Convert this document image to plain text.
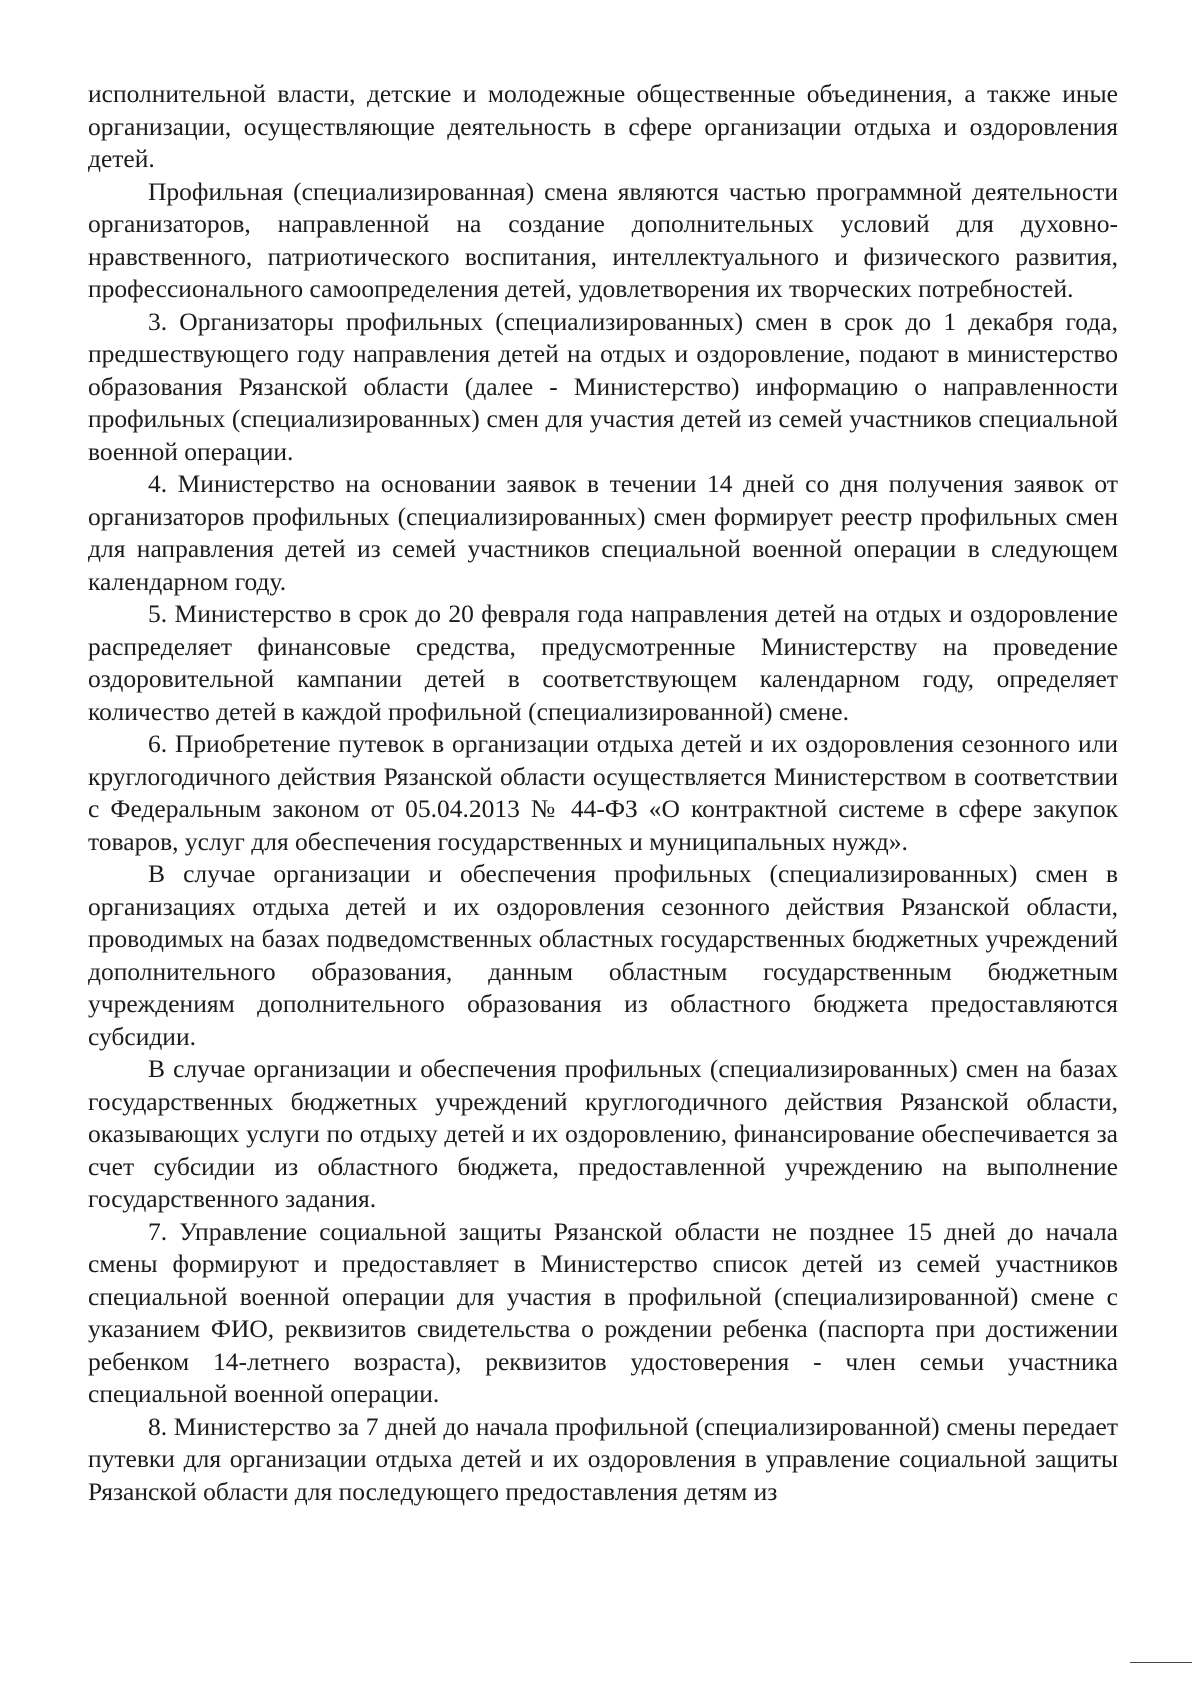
исполнительной власти, детские и молодежные общественные объединения, а также иные организации, осуществляющие деятельность в сфере организации отдыха и оздоровления детей.

Профильная (специализированная) смена являются частью программной деятельности организаторов, направленной на создание дополнительных условий для духовно-нравственного, патриотического воспитания, интеллектуального и физического развития, профессионального самоопределения детей, удовлетворения их творческих потребностей.

3. Организаторы профильных (специализированных) смен в срок до 1 декабря года, предшествующего году направления детей на отдых и оздоровление, подают в министерство образования Рязанской области (далее - Министерство) информацию о направленности профильных (специализированных) смен для участия детей из семей участников специальной военной операции.

4. Министерство на основании заявок в течении 14 дней со дня получения заявок от организаторов профильных (специализированных) смен формирует реестр профильных смен для направления детей из семей участников специальной военной операции в следующем календарном году.

5. Министерство в срок до 20 февраля года направления детей на отдых и оздоровление распределяет финансовые средства, предусмотренные Министерству на проведение оздоровительной кампании детей в соответствующем календарном году, определяет количество детей в каждой профильной (специализированной) смене.

6. Приобретение путевок в организации отдыха детей и их оздоровления сезонного или круглогодичного действия Рязанской области осуществляется Министерством в соответствии с Федеральным законом от 05.04.2013 № 44-ФЗ «О контрактной системе в сфере закупок товаров, услуг для обеспечения государственных и муниципальных нужд».

В случае организации и обеспечения профильных (специализированных) смен в организациях отдыха детей и их оздоровления сезонного действия Рязанской области, проводимых на базах подведомственных областных государственных бюджетных учреждений дополнительного образования, данным областным государственным бюджетным учреждениям дополнительного образования из областного бюджета предоставляются субсидии.

В случае организации и обеспечения профильных (специализированных) смен на базах государственных бюджетных учреждений круглогодичного действия Рязанской области, оказывающих услуги по отдыху детей и их оздоровлению, финансирование обеспечивается за счет субсидии из областного бюджета, предоставленной учреждению на выполнение государственного задания.

7. Управление социальной защиты Рязанской области не позднее 15 дней до начала смены формируют и предоставляет в Министерство список детей из семей участников специальной военной операции для участия в профильной (специализированной) смене с указанием ФИО, реквизитов свидетельства о рождении ребенка (паспорта при достижении ребенком 14-летнего возраста), реквизитов удостоверения - член семьи участника специальной военной операции.

8. Министерство за 7 дней до начала профильной (специализированной) смены передает путевки для организации отдыха детей и их оздоровления в управление социальной защиты Рязанской области для последующего предоставления детям из
